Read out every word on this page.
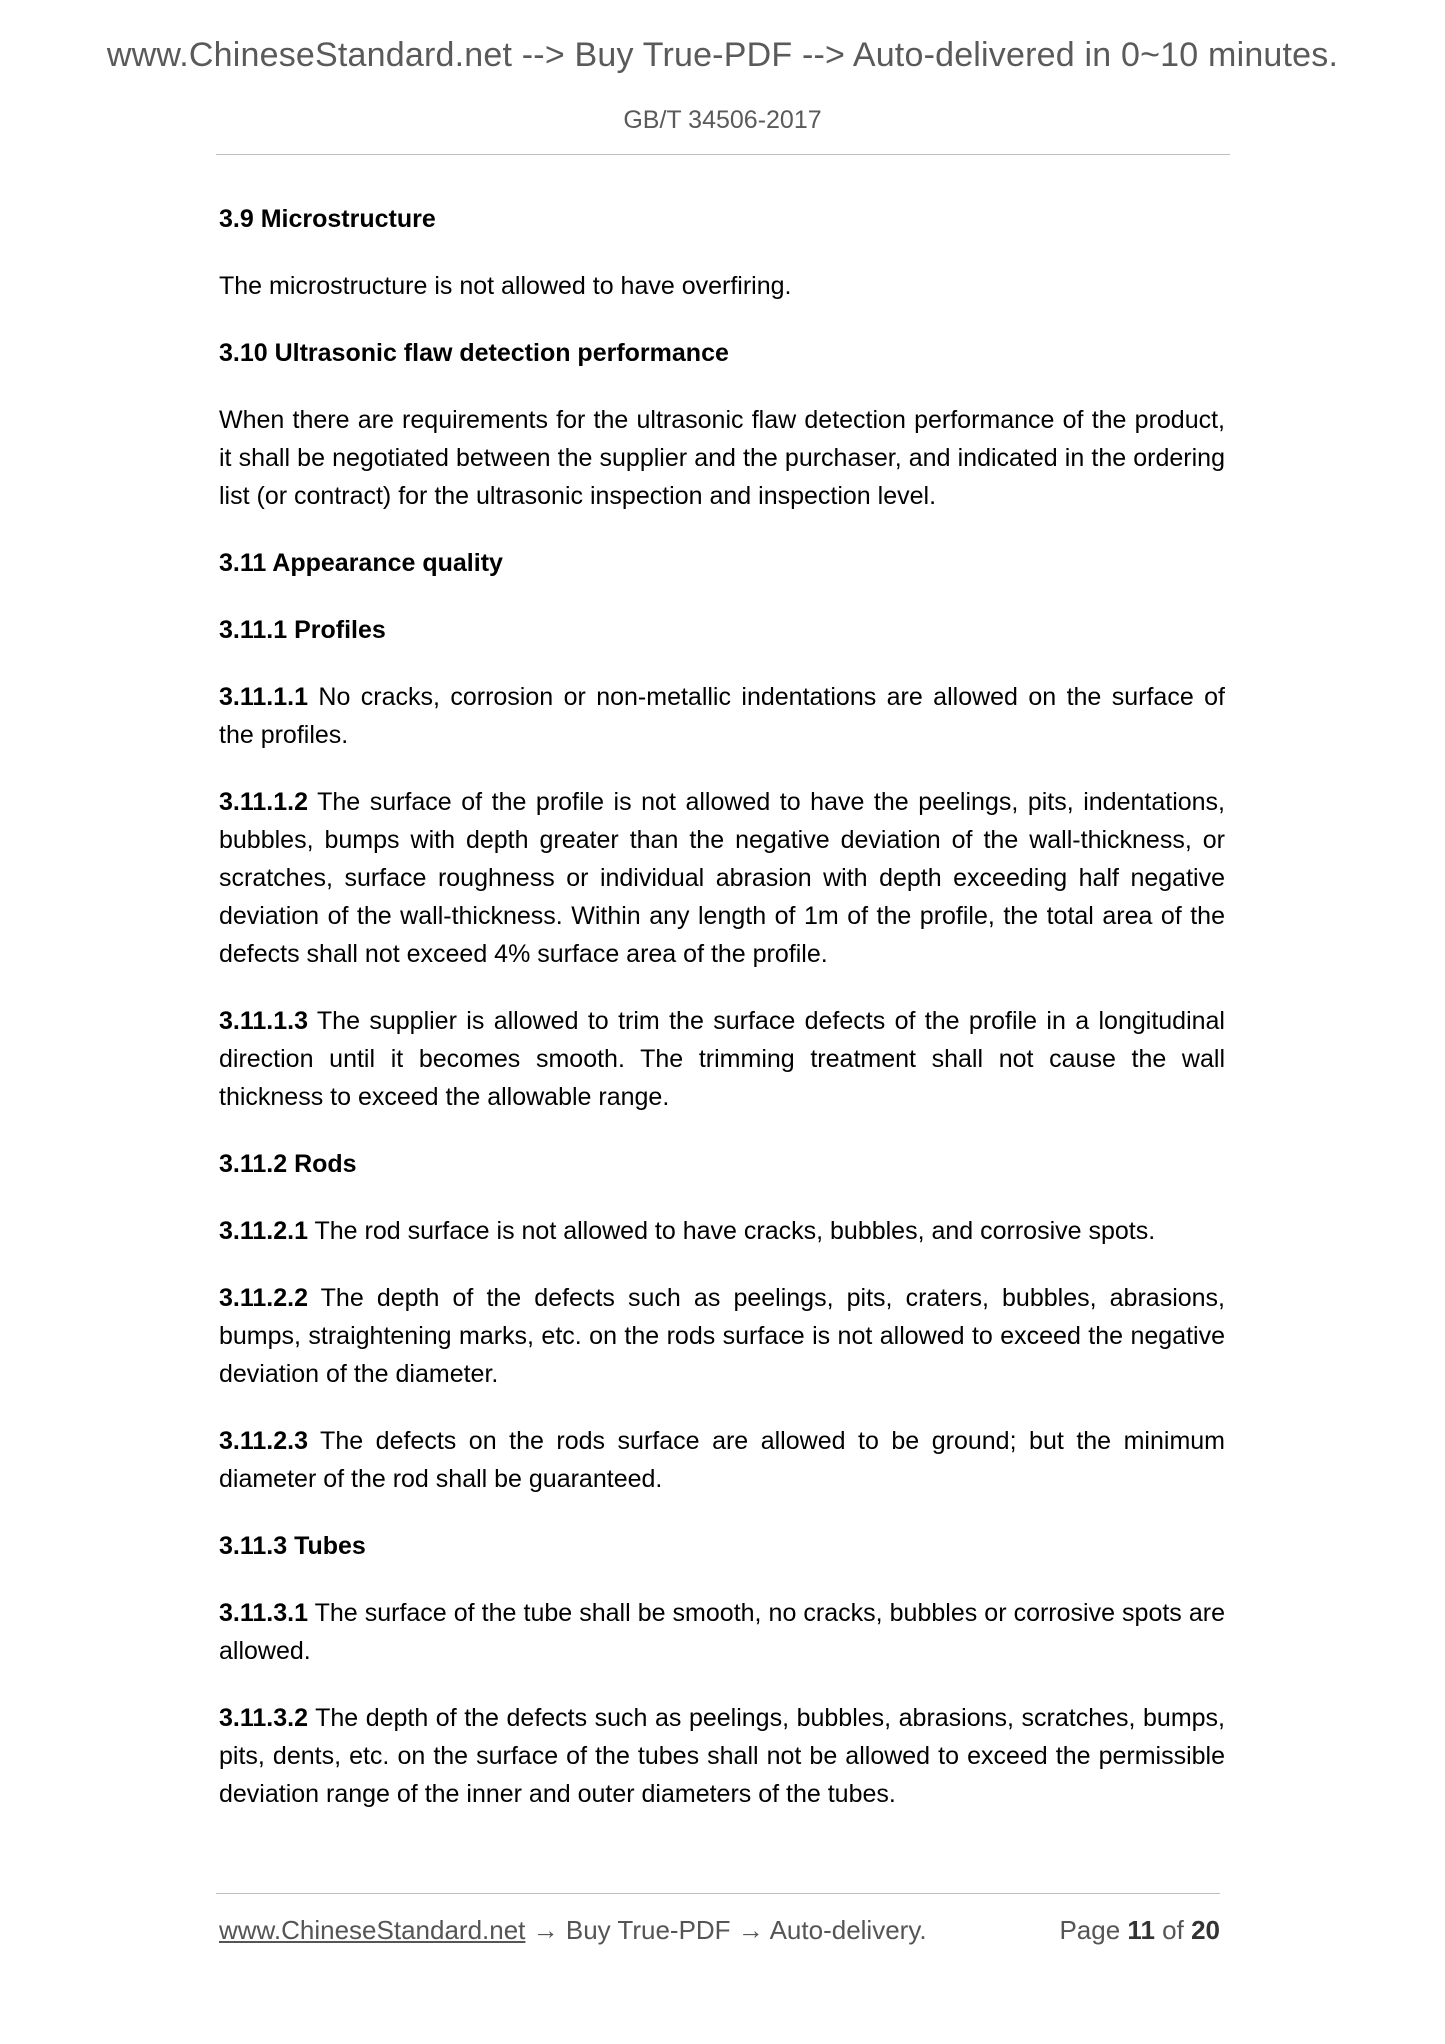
www.ChineseStandard.net --> Buy True-PDF --> Auto-delivered in 0~10 minutes.
GB/T 34506-2017
3.9 Microstructure
The microstructure is not allowed to have overfiring.
3.10 Ultrasonic flaw detection performance
When there are requirements for the ultrasonic flaw detection performance of the product, it shall be negotiated between the supplier and the purchaser, and indicated in the ordering list (or contract) for the ultrasonic inspection and inspection level.
3.11 Appearance quality
3.11.1 Profiles
3.11.1.1 No cracks, corrosion or non-metallic indentations are allowed on the surface of the profiles.
3.11.1.2 The surface of the profile is not allowed to have the peelings, pits, indentations, bubbles, bumps with depth greater than the negative deviation of the wall-thickness, or scratches, surface roughness or individual abrasion with depth exceeding half negative deviation of the wall-thickness. Within any length of 1m of the profile, the total area of the defects shall not exceed 4% surface area of the profile.
3.11.1.3 The supplier is allowed to trim the surface defects of the profile in a longitudinal direction until it becomes smooth. The trimming treatment shall not cause the wall thickness to exceed the allowable range.
3.11.2 Rods
3.11.2.1 The rod surface is not allowed to have cracks, bubbles, and corrosive spots.
3.11.2.2 The depth of the defects such as peelings, pits, craters, bubbles, abrasions, bumps, straightening marks, etc. on the rods surface is not allowed to exceed the negative deviation of the diameter.
3.11.2.3 The defects on the rods surface are allowed to be ground; but the minimum diameter of the rod shall be guaranteed.
3.11.3 Tubes
3.11.3.1 The surface of the tube shall be smooth, no cracks, bubbles or corrosive spots are allowed.
3.11.3.2 The depth of the defects such as peelings, bubbles, abrasions, scratches, bumps, pits, dents, etc. on the surface of the tubes shall not be allowed to exceed the permissible deviation range of the inner and outer diameters of the tubes.
www.ChineseStandard.net → Buy True-PDF → Auto-delivery.	Page 11 of 20
